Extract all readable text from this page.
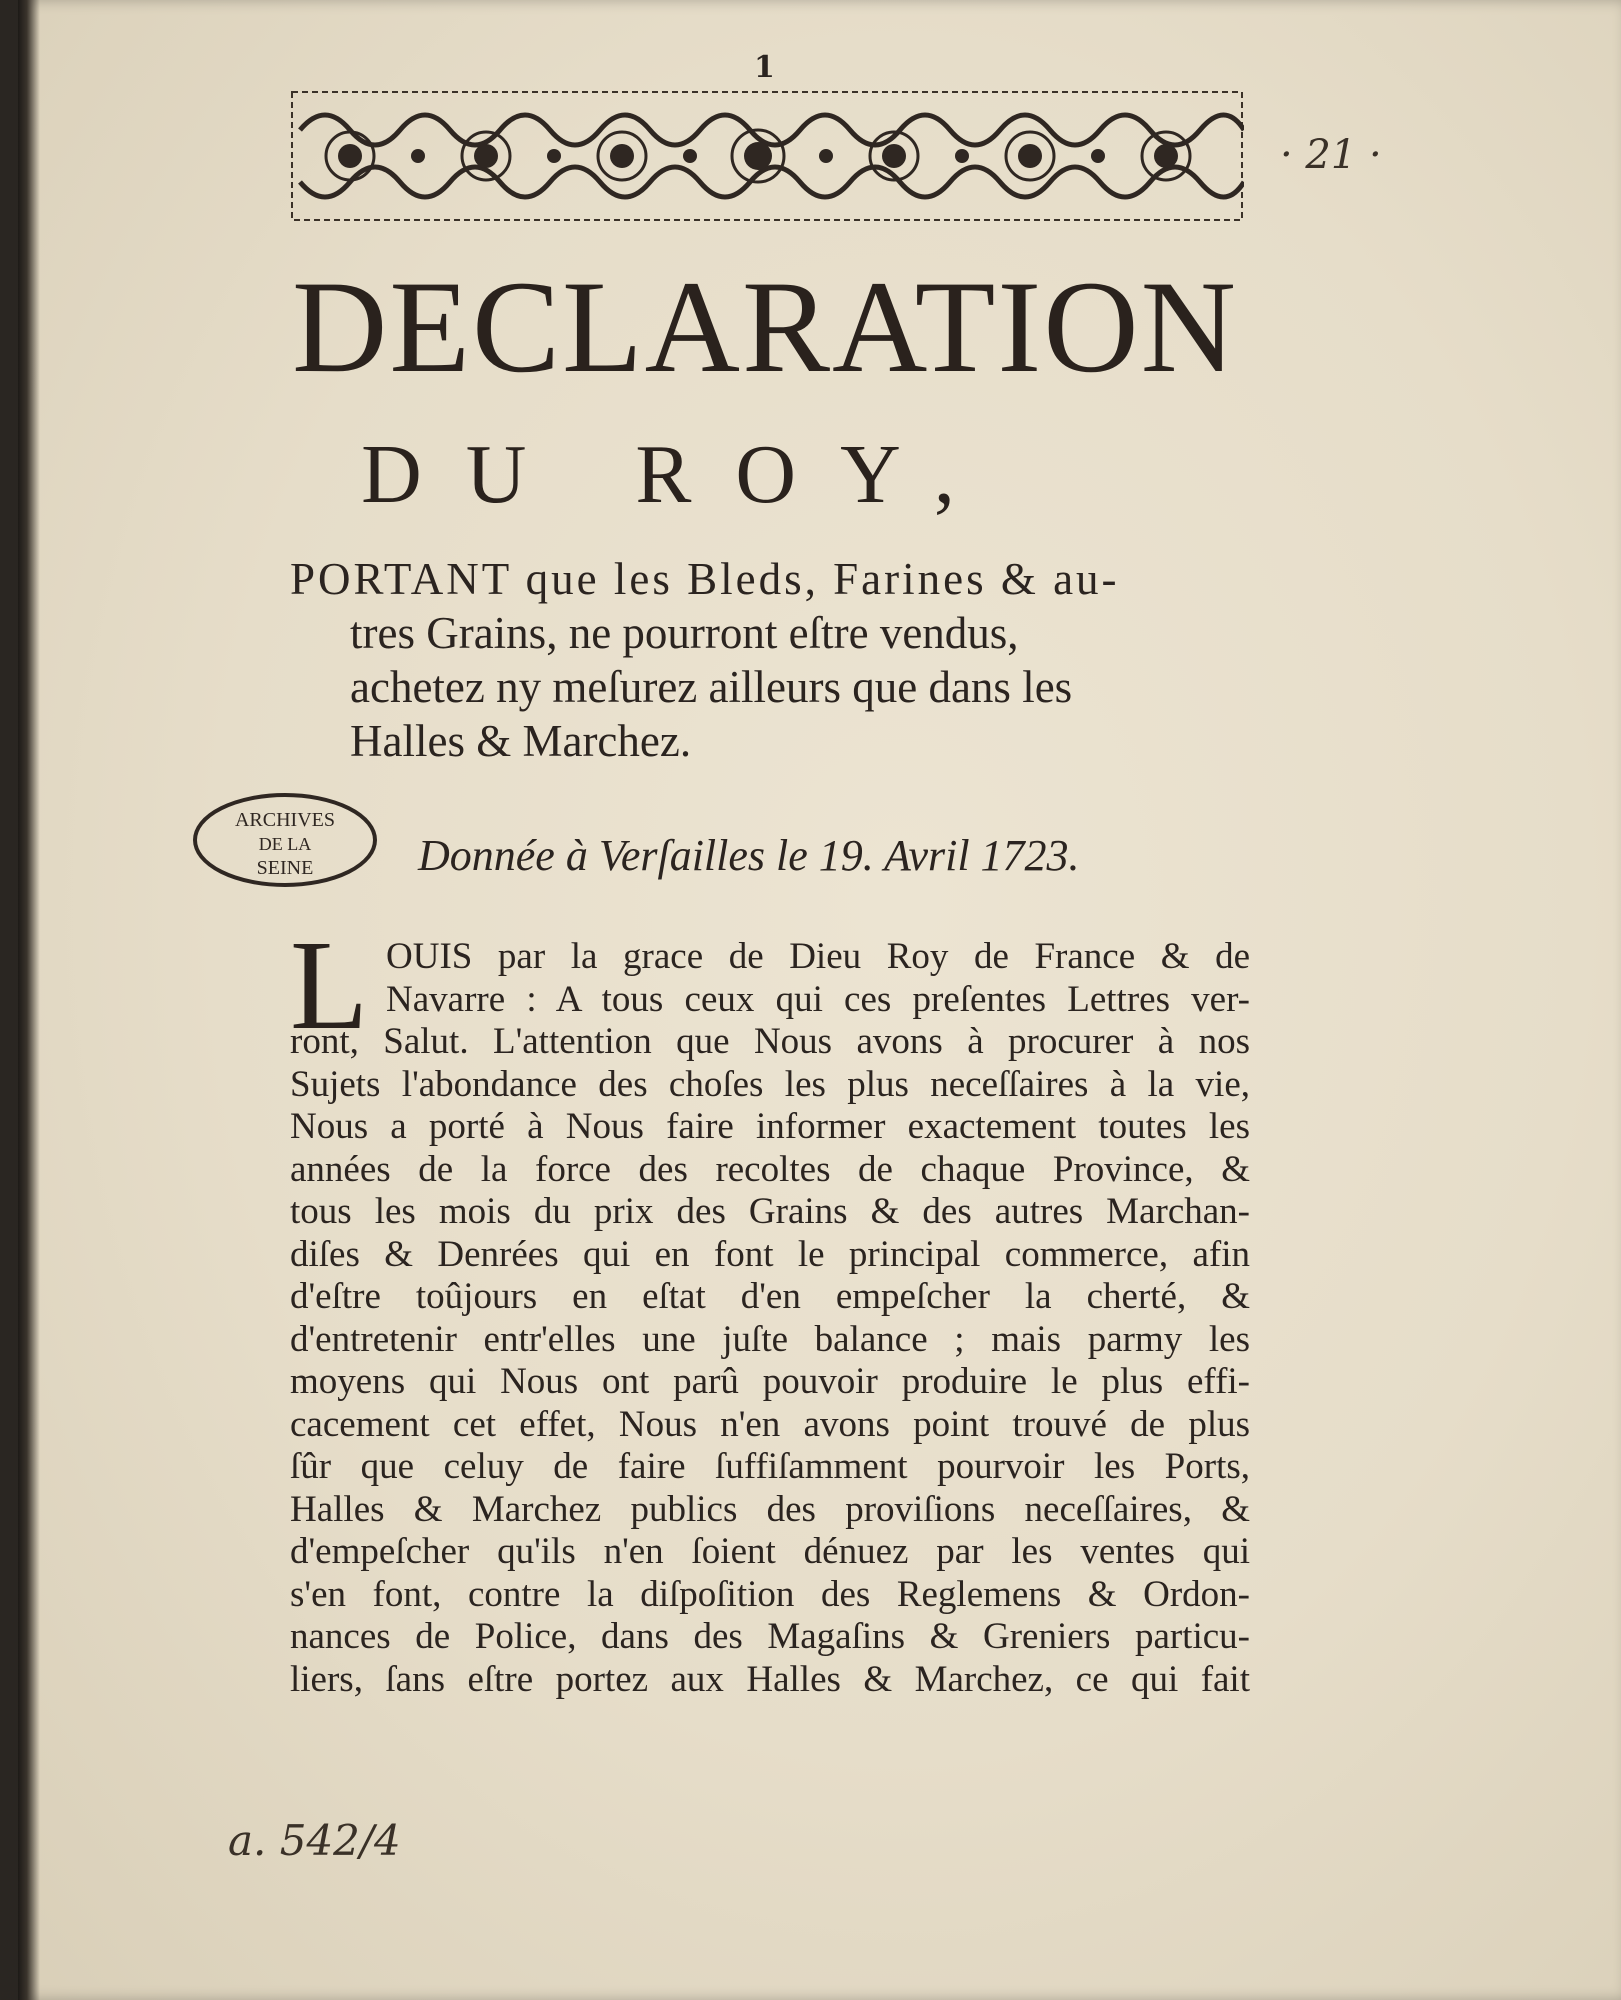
1
· 21 ·
DECLARATION
DU ROY,
PORTANT que les Bleds, Farines & au-
tres Grains, ne pourront eſtre vendus,
achetez ny meſurez ailleurs que dans les
Halles & Marchez.
ARCHIVES
DE LA
SEINE Donnée à Verſailles le 19. Avril 1723.
L OUIS par la grace de Dieu Roy de France & de
Navarre : A tous ceux qui ces preſentes Lettres ver-
ront, Salut. L'attention que Nous avons à procurer à nos
Sujets l'abondance des choſes les plus neceſſaires à la vie,
Nous a porté à Nous faire informer exactement toutes les
années de la force des recoltes de chaque Province, &
tous les mois du prix des Grains & des autres Marchan-
diſes & Denrées qui en font le principal commerce, afin
d'eſtre toûjours en eſtat d'en empeſcher la cherté, &
d'entretenir entr'elles une juſte balance ; mais parmy les
moyens qui Nous ont parû pouvoir produire le plus effi-
cacement cet effet, Nous n'en avons point trouvé de plus
ſûr que celuy de faire ſuffiſamment pourvoir les Ports,
Halles & Marchez publics des proviſions neceſſaires, &
d'empeſcher qu'ils n'en ſoient dénuez par les ventes qui
s'en font, contre la diſpoſition des Reglemens & Ordon-
nances de Police, dans des Magaſins & Greniers particu-
liers, ſans eſtre portez aux Halles & Marchez, ce qui fait
a. 542/4
